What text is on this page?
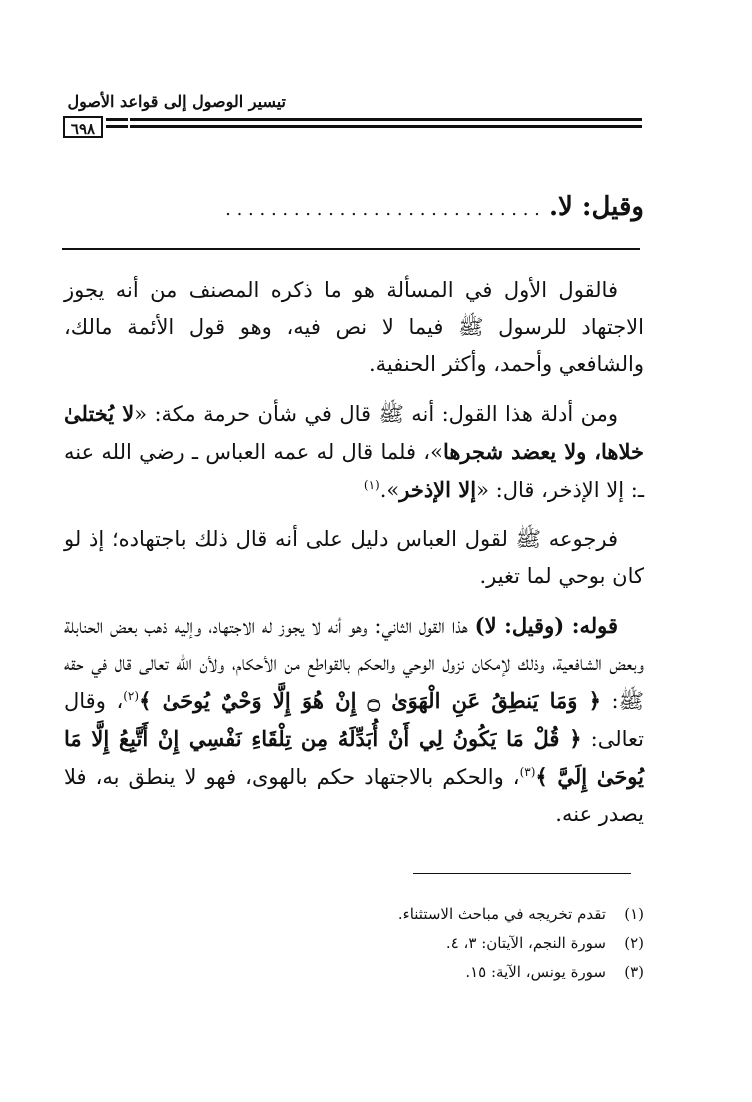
تيسير الوصول إلى قواعد الأصول
٦٩٨
وقيل: لا. . . . . . . . . . . . . . . . . . . . . . . . . . . . .

فالقول الأول في المسألة هو ما ذكره المصنف من أنه يجوز الاجتهاد للرسول ﷺ فيما لا نص فيه، وهو قول الأئمة مالك، والشافعي وأحمد، وأكثر الحنفية.

ومن أدلة هذا القول: أنه ﷺ قال في شأن حرمة مكة: «لا يُختلىٰ خلاها، ولا يعضد شجرها»، فلما قال له عمه العباس ـ رضي الله عنه ـ: إلا الإذخر، قال: «إلا الإذخر».$^{(١)}$

فرجوعه ﷺ لقول العباس دليل على أنه قال ذلك باجتهاده؛ إذ لو كان بوحي لما تغير.

قوله: (وقيل: لا) هذا القول الثاني: وهو أنه لا يجوز له الاجتهاد، وإليه ذهب بعض الحنابلة وبعض الشافعية، وذلك لإمكان نزول الوحي والحكم بالقواطع من الأحكام، ولأن الله تعالى قال في حقه ﷺ: ﴿ وَمَا يَنطِقُ عَنِ الْهَوَىٰ ۝ إِنْ هُوَ إِلَّا وَحْيٌ يُوحَىٰ ﴾$^{(٢)}$، وقال تعالى: ﴿ قُلْ مَا يَكُونُ لِي أَنْ أُبَدِّلَهُ مِن تِلْقَاءِ نَفْسِي إِنْ أَتَّبِعُ إِلَّا مَا يُوحَىٰ إِلَيَّ ﴾$^{(٣)}$، والحكم بالاجتهاد حكم بالهوى، فهو لا ينطق به، فلا يصدر عنه.

(١)
تقدم تخريجه في مباحث الاستثناء.
(٢)
سورة النجم، الآيتان: ٣، ٤.
(٣)
سورة يونس، الآية: ١٥.
